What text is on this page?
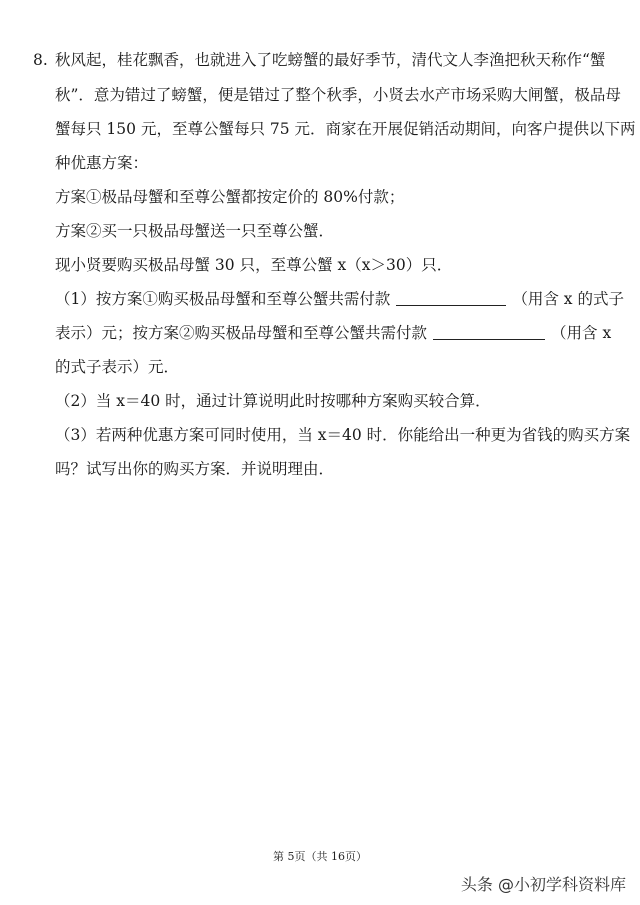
8. 秋风起，桂花飘香，也就进入了吃螃蟹的最好季节，清代文人李渔把秋天称作“蟹
秋”．意为错过了螃蟹，便是错过了整个秋季，小贤去水产市场采购大闸蟹，极品母
蟹每只 150 元，至尊公蟹每只 75 元．商家在开展促销活动期间，向客户提供以下两
种优惠方案：
方案①极品母蟹和至尊公蟹都按定价的 80%付款；
方案②买一只极品母蟹送一只至尊公蟹．
现小贤要购买极品母蟹 30 只，至尊公蟹 x（x＞30）只．
（1）按方案①购买极品母蟹和至尊公蟹共需付款	（用含 x 的式子
表示）元；按方案②购买极品母蟹和至尊公蟹共需付款	（用含 x
的式子表示）元．
（2）当 x＝40 时，通过计算说明此时按哪种方案购买较合算．
（3）若两种优惠方案可同时使用，当 x＝40 时．你能给出一种更为省钱的购买方案
吗？试写出你的购买方案．并说明理由．
第 5页（共 16页）
头条 @小初学科资料库
